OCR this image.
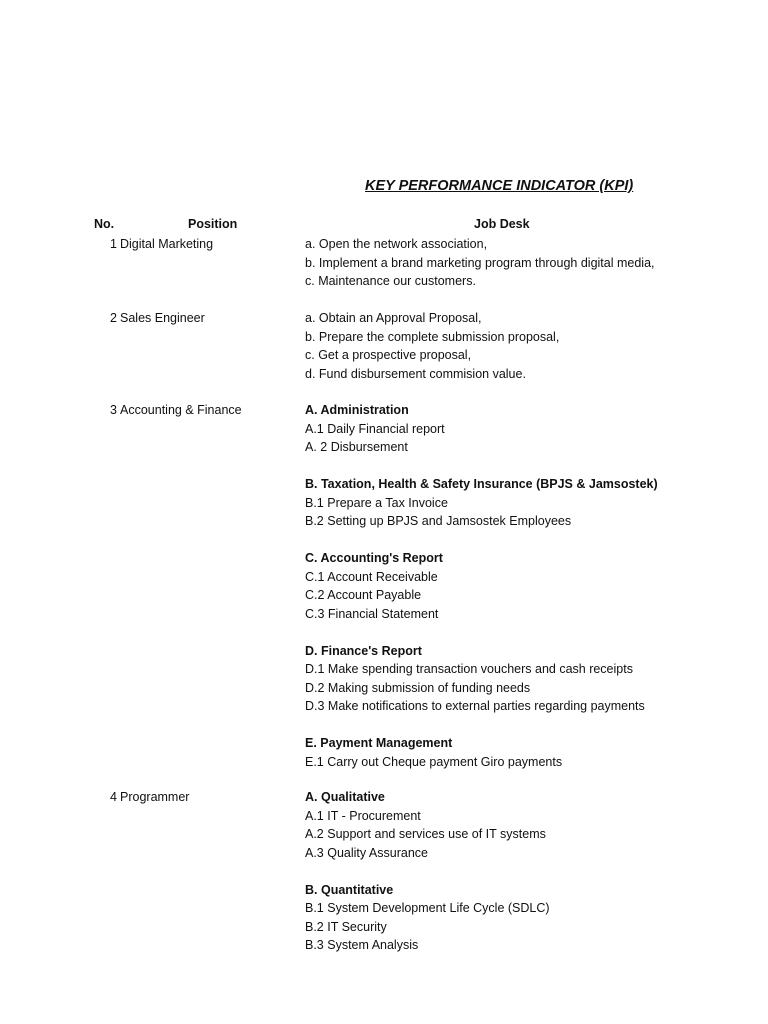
KEY PERFORMANCE INDICATOR (KPI)
No.	Position	Job Desk
1 Digital Marketing	a. Open the network association,
b. Implement a brand marketing program through digital media,
c. Maintenance our customers.
2 Sales Engineer	a. Obtain an Approval Proposal,
b. Prepare the complete submission proposal,
c. Get a prospective proposal,
d. Fund disbursement commision value.
3 Accounting & Finance	A. Administration
A.1 Daily Financial report
A. 2 Disbursement
B. Taxation, Health & Safety Insurance (BPJS & Jamsostek)
B.1 Prepare a Tax Invoice
B.2 Setting up BPJS and Jamsostek Employees
C. Accounting's Report
C.1 Account Receivable
C.2 Account Payable
C.3 Financial Statement
D. Finance's Report
D.1 Make spending transaction vouchers and cash receipts
D.2 Making submission of funding needs
D.3 Make notifications to external parties regarding payments
E. Payment Management
E.1 Carry out Cheque payment Giro payments
4 Programmer	A. Qualitative
A.1 IT - Procurement
A.2 Support and services use of IT systems
A.3 Quality Assurance
B. Quantitative
B.1 System Development Life Cycle (SDLC)
B.2 IT Security
B.3 System Analysis
